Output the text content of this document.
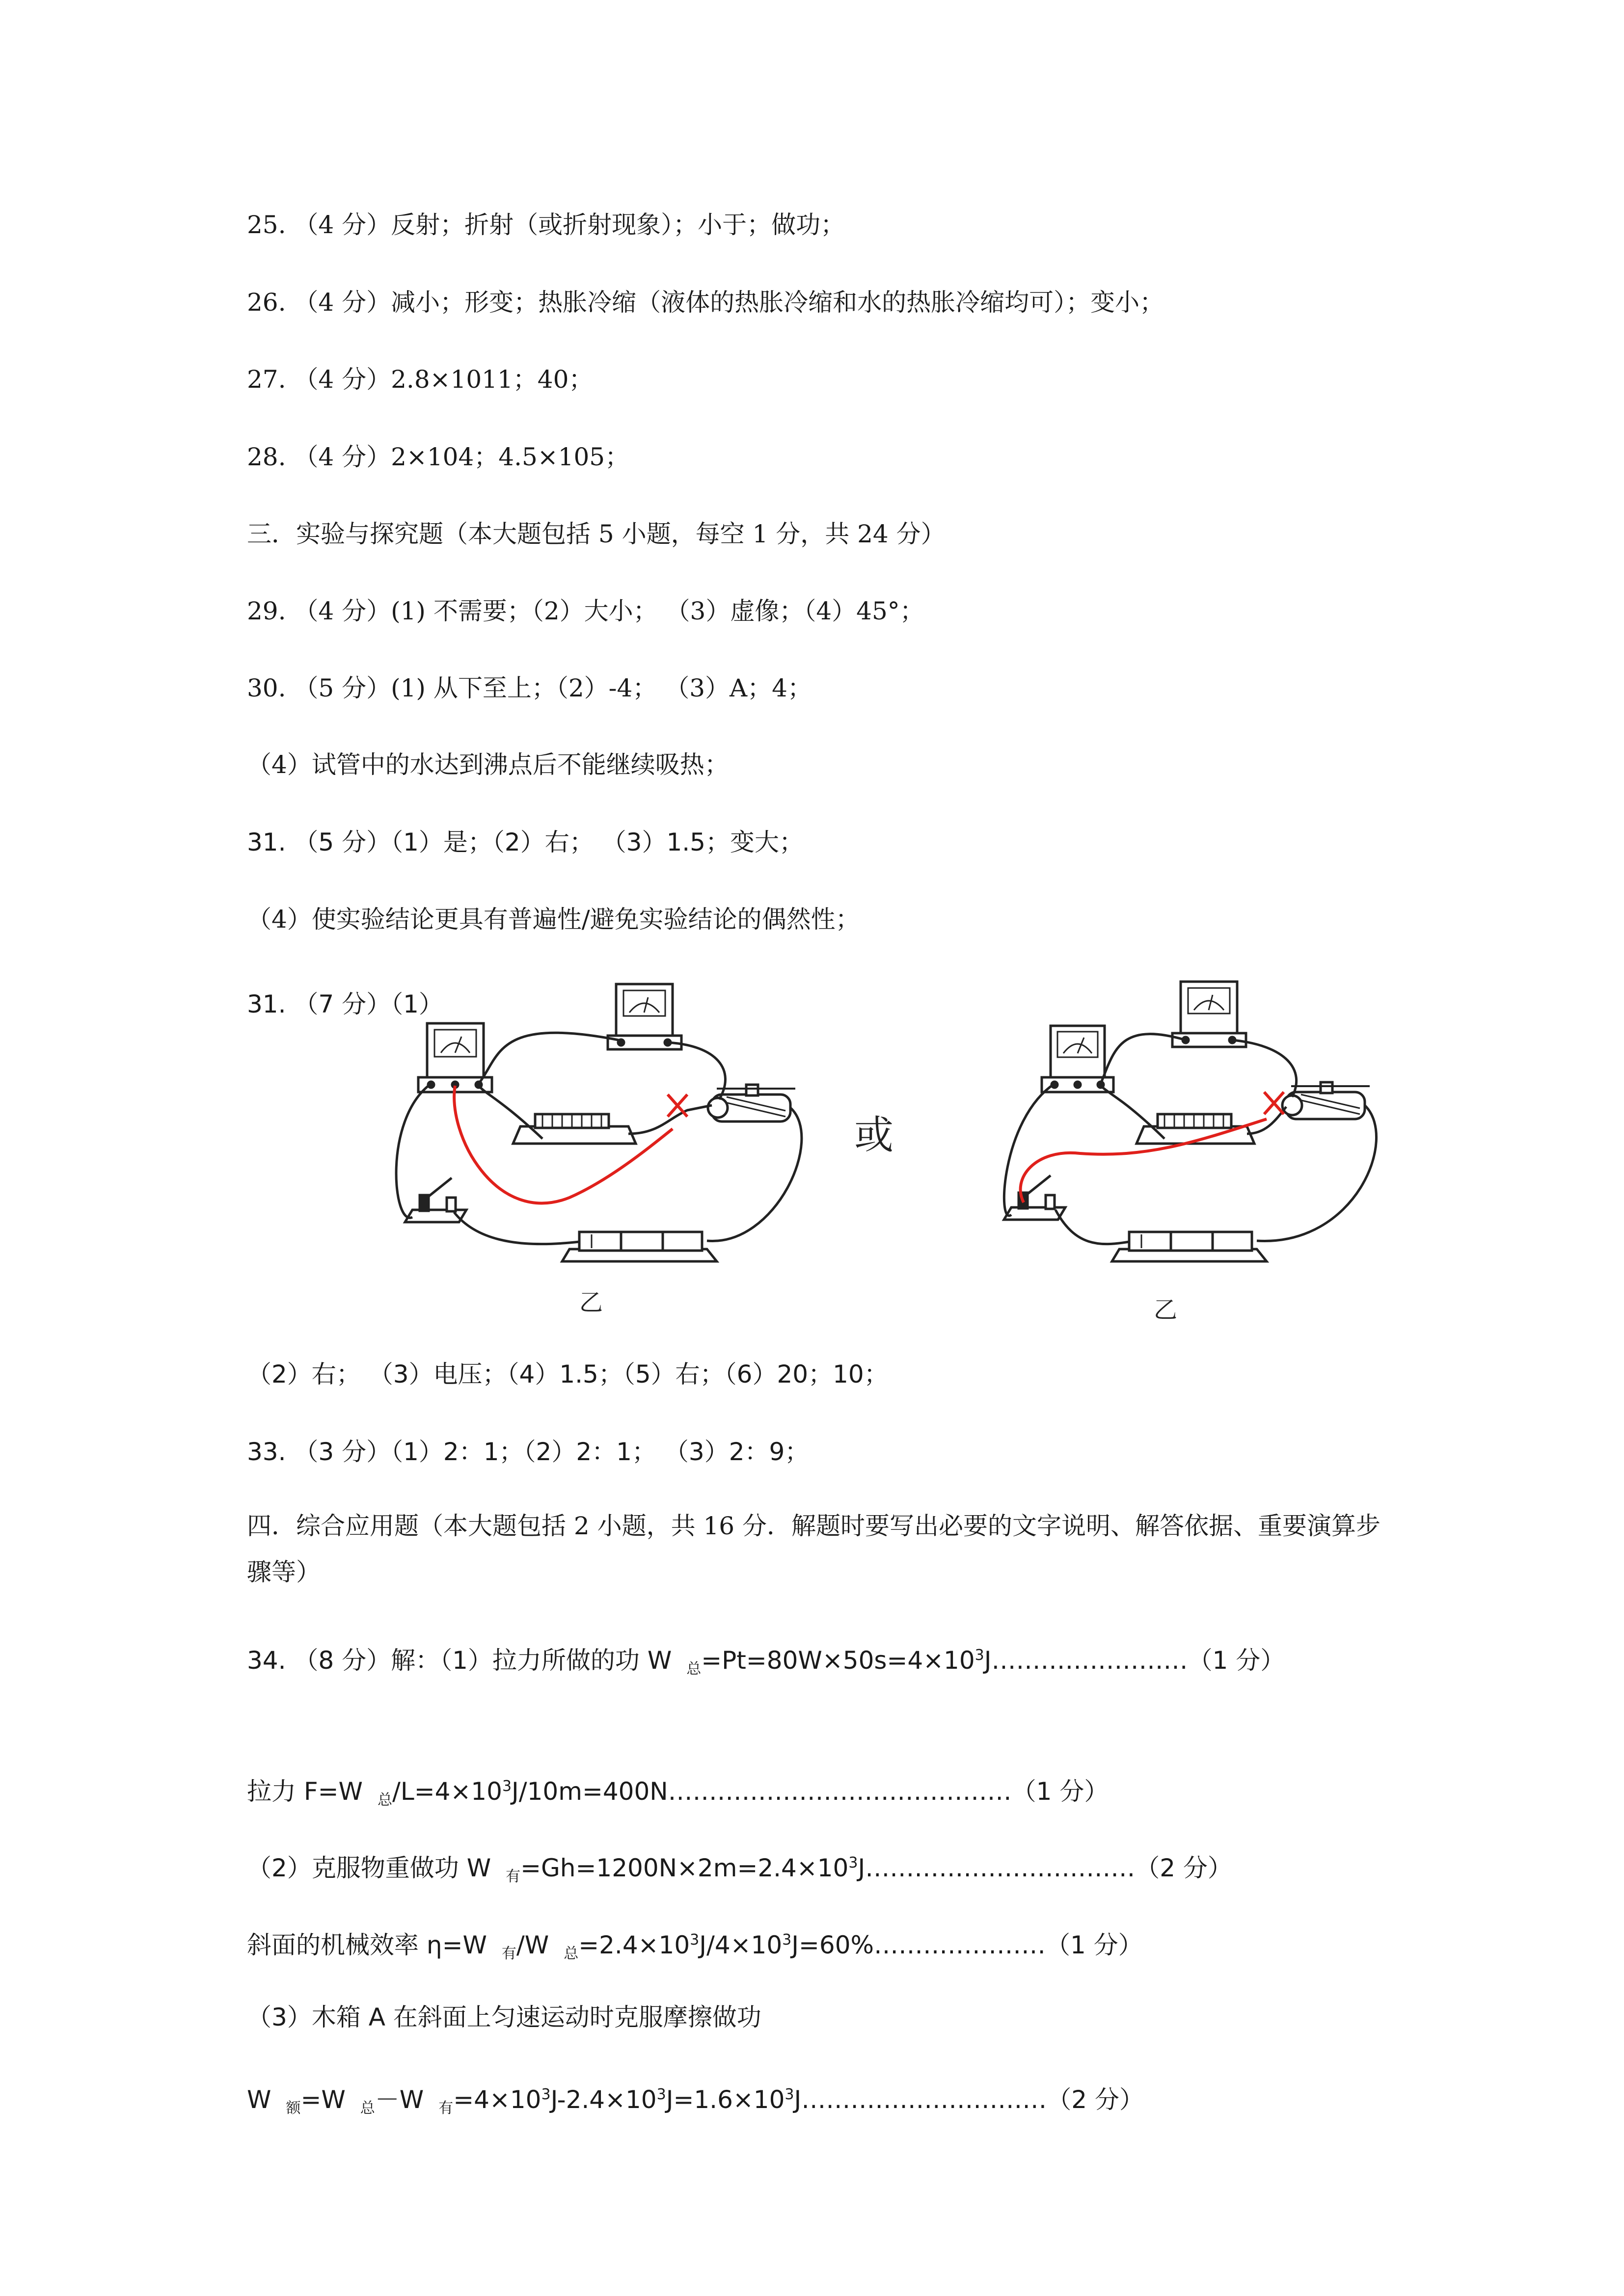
25. （4 分）反射；折射（或折射现象）；小于；做功；
26. （4 分）减小；形变；热胀冷缩（液体的热胀冷缩和水的热胀冷缩均可）；变小；
27. （4 分）2.8×1011；40；
28. （4 分）2×104；4.5×105；
三．实验与探究题（本大题包括 5 小题，每空 1 分，共 24 分）
29. （4 分）(1) 不需要；（2）大小； （3）虚像；（4）45°；
30. （5 分）(1) 从下至上；（2）-4； （3）A；4；
（4）试管中的水达到沸点后不能继续吸热；
31. （5 分）（1）是；（2）右； （3）1.5；变大；
（4）使实验结论更具有普遍性/避免实验结论的偶然性；
31. （7 分）（1）
乙
或
乙
（2）右； （3）电压；（4）1.5；（5）右；（6）20；10；
33. （3 分）（1）2：1；（2）2：1； （3）2：9；
四．综合应用题（本大题包括 2 小题，共 16 分．解题时要写出必要的文字说明、解答依据、重要演算步骤等）
34. （8 分）解：（1）拉力所做的功 W $_总=Pt=80W\times 50s=4\times 10^3J\dots\dots\dots\dots\dots\dots\dots\dots(1$ 分）
拉力 F=W $_总/L=4\times 10^3J/10m=400N\dots\dots\dots\dots\dots\dots\dots\dots\dots\dots\dots\dots\dots\dots(1$ 分）
（2）克服物重做功 W $_有=Gh=1200N\times 2m=2.4\times 10^3J\dots\dots\dots\dots\dots\dots\dots\dots\dots\dots\dots(2$ 分）
斜面的机械效率 η=W $_有$/W $_总=2.4\times 10^3J/4\times 10^3J=60\%\dots\dots\dots\dots\dots\dots\dots(1$ 分）
（3）木箱 A 在斜面上匀速运动时克服摩擦做功
W $_额$=W $_总$－W $_有=4\times 10^3J-2.4\times 10^3J=1.6\times 10^3J\dots\dots\dots\dots\dots\dots\dots\dots\dots\dots(2$ 分）
